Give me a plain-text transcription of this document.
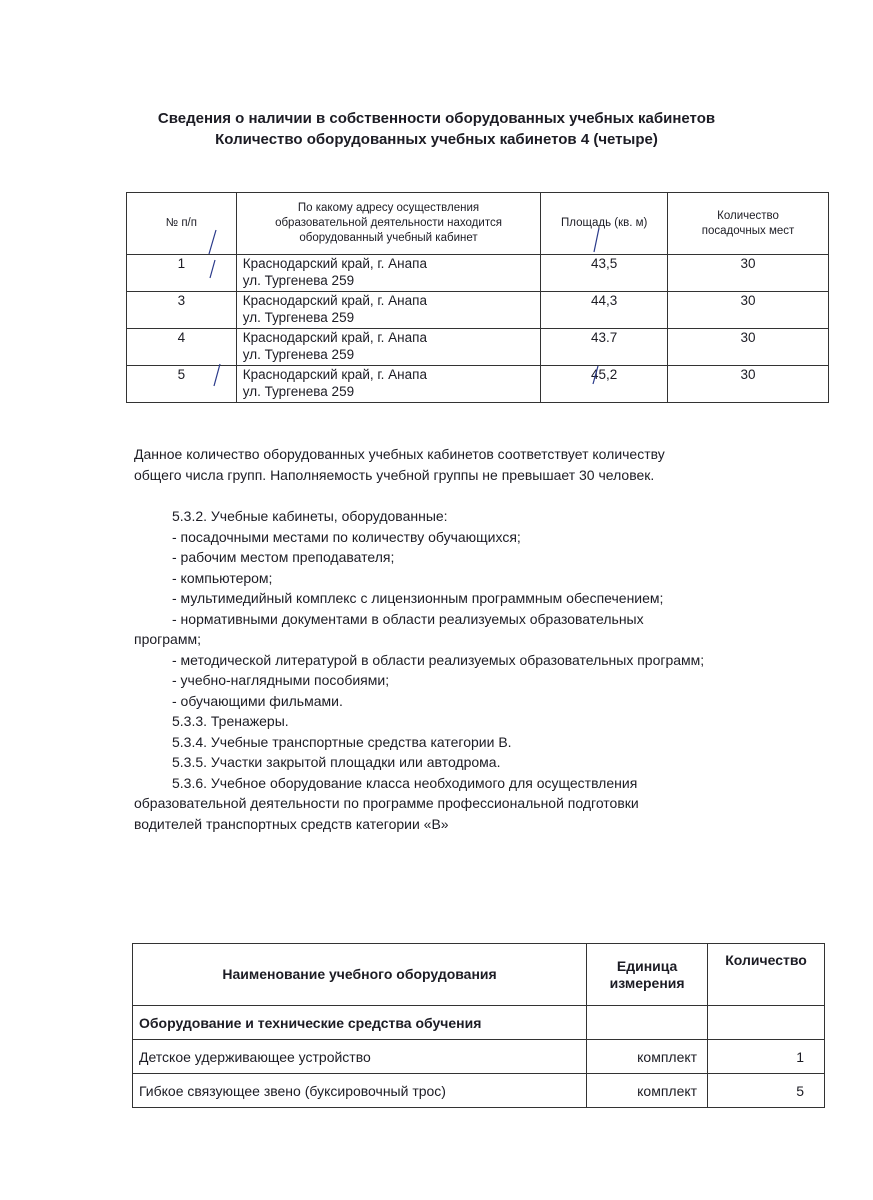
Сведения о наличии в собственности оборудованных учебных кабинетов
Количество оборудованных учебных кабинетов 4 (четыре)
№ п/п	По какому адресу осуществления образовательной деятельности находится оборудованный учебный кабинет	Площадь (кв. м)	Количество посадочных мест
1	Краснодарский край, г. Анапа
ул. Тургенева 259	43,5	30
3	Краснодарский край, г. Анапа
ул. Тургенева 259	44,3	30
4	Краснодарский край, г. Анапа
ул. Тургенева 259	43.7	30
5	Краснодарский край, г. Анапа
ул. Тургенева 259	45,2	30
Данное количество оборудованных учебных кабинетов соответствует количеству
общего числа групп. Наполняемость учебной группы не превышает 30 человек.
5.3.2. Учебные кабинеты, оборудованные:
- посадочными местами по количеству обучающихся;
- рабочим местом преподавателя;
- компьютером;
- мультимедийный комплекс с лицензионным программным обеспечением;
- нормативными документами в области реализуемых образовательных
программ;
- методической литературой в области реализуемых образовательных программ;
- учебно-наглядными пособиями;
- обучающими фильмами.
5.3.3. Тренажеры.
5.3.4. Учебные транспортные средства категории В.
5.3.5. Участки закрытой площадки или автодрома.
5.3.6. Учебное оборудование класса необходимого для осуществления
образовательной деятельности по программе профессиональной подготовки
водителей транспортных средств категории «В»
Наименование учебного оборудования	Единица измерения	Количество
Оборудование и технические средства обучения		
Детское удерживающее устройство	комплект	1
Гибкое связующее звено (буксировочный трос)	комплект	5
